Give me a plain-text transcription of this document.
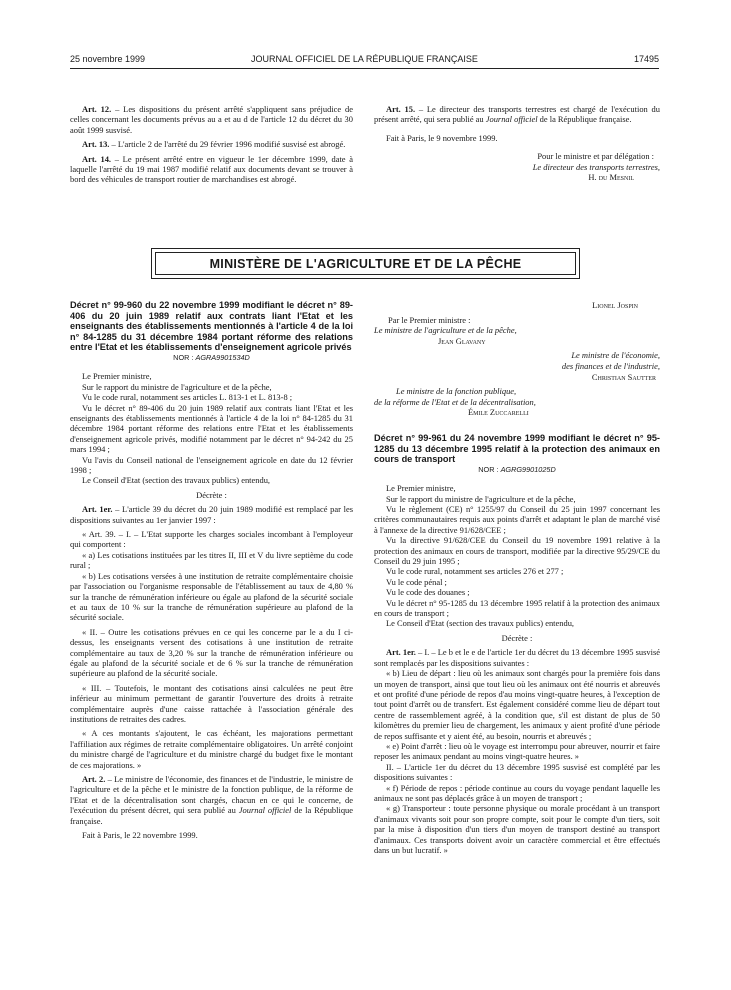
25 novembre 1999	JOURNAL OFFICIEL DE LA RÉPUBLIQUE FRANÇAISE	17495

Art. 12. – Les dispositions du présent arrêté s'appliquent sans préjudice de celles concernant les documents prévus au a et au d de l'article 12 du décret du 30 août 1999 susvisé.

Art. 13. – L'article 2 de l'arrêté du 29 février 1996 modifié susvisé est abrogé.

Art. 14. – Le présent arrêté entre en vigueur le 1er décembre 1999, date à laquelle l'arrêté du 19 mai 1987 modifié relatif aux documents devant se trouver à bord des véhicules de transport routier de marchandises est abrogé.

Art. 15. – Le directeur des transports terrestres est chargé de l'exécution du présent arrêté, qui sera publié au Journal officiel de la République française.

Fait à Paris, le 9 novembre 1999.

Pour le ministre et par délégation :

Le directeur des transports terrestres,

H. du Mesnil

MINISTÈRE DE L'AGRICULTURE ET DE LA PÊCHE

Décret n° 99-960 du 22 novembre 1999 modifiant le décret n° 89-406 du 20 juin 1989 relatif aux contrats liant l'Etat et les enseignants des établissements mentionnés à l'article 4 de la loi n° 84-1285 du 31 décembre 1984 portant réforme des relations entre l'Etat et les établissements d'enseignement agricole privés

NOR : AGRA9901534D

Le Premier ministre,

Sur le rapport du ministre de l'agriculture et de la pêche,

Vu le code rural, notamment ses articles L. 813-1 et L. 813-8 ;

Vu le décret n° 89-406 du 20 juin 1989 relatif aux contrats liant l'Etat et les enseignants des établissements mentionnés à l'article 4 de la loi n° 84-1285 du 31 décembre 1984 portant réforme des relations entre l'Etat et les établissements d'enseignement agricole privés, modifié notamment par le décret n° 94-242 du 25 mars 1994 ;

Vu l'avis du Conseil national de l'enseignement agricole en date du 12 février 1998 ;

Le Conseil d'Etat (section des travaux publics) entendu,

Décrète :

Art. 1er. – L'article 39 du décret du 20 juin 1989 modifié est remplacé par les dispositions suivantes au 1er janvier 1997 :

« Art. 39. – I. – L'Etat supporte les charges sociales incombant à l'employeur qui comportent :

« a) Les cotisations instituées par les titres II, III et V du livre septième du code rural ;

« b) Les cotisations versées à une institution de retraite complémentaire choisie par l'association ou l'organisme responsable de l'établissement au taux de 4,80 % sur la tranche de rémunération inférieure ou égale au plafond de la sécurité sociale et au taux de 10 % sur la tranche de rémunération supérieure au plafond de la sécurité sociale.

« II. – Outre les cotisations prévues en ce qui les concerne par le a du I ci-dessus, les enseignants versent des cotisations à une institution de retraite complémentaire au taux de 3,20 % sur la tranche de rémunération inférieure ou égale au plafond de la sécurité sociale et de 6 % sur la tranche de rémunération supérieure au plafond de la sécurité sociale.

« III. – Toutefois, le montant des cotisations ainsi calculées ne peut être inférieur au minimum permettant de garantir l'ouverture des droits à retraite complémentaire auprès d'une caisse rattachée à l'association générale des institutions de retraites des cadres.

« A ces montants s'ajoutent, le cas échéant, les majorations permettant l'affiliation aux régimes de retraite complémentaire obligatoires. Un arrêté conjoint du ministre chargé de l'agriculture et du ministre chargé du budget fixe le montant de ces majorations. »

Art. 2. – Le ministre de l'économie, des finances et de l'industrie, le ministre de l'agriculture et de la pêche et le ministre de la fonction publique, de la réforme de l'Etat et de la décentralisation sont chargés, chacun en ce qui le concerne, de l'exécution du présent décret, qui sera publié au Journal officiel de la République française.

Fait à Paris, le 22 novembre 1999.

Lionel Jospin

Par le Premier ministre :

Le ministre de l'agriculture et de la pêche,

Jean Glavany

Le ministre de l'économie,

des finances et de l'industrie,

Christian Sautter

Le ministre de la fonction publique,

de la réforme de l'Etat et de la décentralisation,

Émile Zuccarelli

Décret n° 99-961 du 24 novembre 1999 modifiant le décret n° 95-1285 du 13 décembre 1995 relatif à la protection des animaux en cours de transport

NOR : AGRG9901025D

Le Premier ministre,

Sur le rapport du ministre de l'agriculture et de la pêche,

Vu le règlement (CE) n° 1255/97 du Conseil du 25 juin 1997 concernant les critères communautaires requis aux points d'arrêt et adaptant le plan de marché visé à l'annexe de la directive 91/628/CEE ;

Vu la directive 91/628/CEE du Conseil du 19 novembre 1991 relative à la protection des animaux en cours de transport, modifiée par la directive 95/29/CE du Conseil du 29 juin 1995 ;

Vu le code rural, notamment ses articles 276 et 277 ;

Vu le code pénal ;

Vu le code des douanes ;

Vu le décret n° 95-1285 du 13 décembre 1995 relatif à la protection des animaux en cours de transport ;

Le Conseil d'Etat (section des travaux publics) entendu,

Décrète :

Art. 1er. – I. – Le b et le e de l'article 1er du décret du 13 décembre 1995 susvisé sont remplacés par les dispositions suivantes :

« b) Lieu de départ : lieu où les animaux sont chargés pour la première fois dans un moyen de transport, ainsi que tout lieu où les animaux ont été nourris et abreuvés et ont profité d'une période de repos d'au moins vingt-quatre heures, à l'exception de tout point d'arrêt ou de transfert. Est également considéré comme lieu de départ tout centre de rassemblement agréé, à la condition que, s'il est distant de plus de 50 kilomètres du premier lieu de chargement, les animaux y aient profité d'une période de repos suffisante et y aient été, au besoin, nourris et abreuvés ;

« e) Point d'arrêt : lieu où le voyage est interrompu pour abreuver, nourrir et faire reposer les animaux pendant au moins vingt-quatre heures. »

II. – L'article 1er du décret du 13 décembre 1995 susvisé est complété par les dispositions suivantes :

« f) Période de repos : période continue au cours du voyage pendant laquelle les animaux ne sont pas déplacés grâce à un moyen de transport ;

« g) Transporteur : toute personne physique ou morale procédant à un transport d'animaux vivants soit pour son propre compte, soit pour le compte d'un tiers, soit par la mise à disposition d'un tiers d'un moyen de transport destiné au transport d'animaux. Ces transports doivent avoir un caractère commercial et être effectués dans un but lucratif. »
